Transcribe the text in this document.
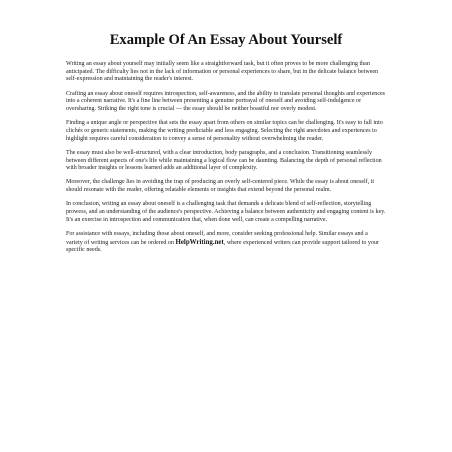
Example Of An Essay About Yourself

Writing an essay about yourself may initially seem like a straightforward task, but it often proves to be more challenging than anticipated. The difficulty lies not in the lack of information or personal experiences to share, but in the delicate balance between self-expression and maintaining the reader's interest.

Crafting an essay about oneself requires introspection, self-awareness, and the ability to translate personal thoughts and experiences into a coherent narrative. It's a fine line between presenting a genuine portrayal of oneself and avoiding self-indulgence or oversharing. Striking the right tone is crucial — the essay should be neither boastful nor overly modest.

Finding a unique angle or perspective that sets the essay apart from others on similar topics can be challenging. It's easy to fall into clichés or generic statements, making the writing predictable and less engaging. Selecting the right anecdotes and experiences to highlight requires careful consideration to convey a sense of personality without overwhelming the reader.

The essay must also be well-structured, with a clear introduction, body paragraphs, and a conclusion. Transitioning seamlessly between different aspects of one's life while maintaining a logical flow can be daunting. Balancing the depth of personal reflection with broader insights or lessons learned adds an additional layer of complexity.

Moreover, the challenge lies in avoiding the trap of producing an overly self-centered piece. While the essay is about oneself, it should resonate with the reader, offering relatable elements or insights that extend beyond the personal realm.

In conclusion, writing an essay about oneself is a challenging task that demands a delicate blend of self-reflection, storytelling prowess, and an understanding of the audience's perspective. Achieving a balance between authenticity and engaging content is key. It's an exercise in introspection and communication that, when done well, can create a compelling narrative.

For assistance with essays, including those about oneself, and more, consider seeking professional help. Similar essays and a variety of writing services can be ordered on HelpWriting.net, where experienced writers can provide support tailored to your specific needs.
